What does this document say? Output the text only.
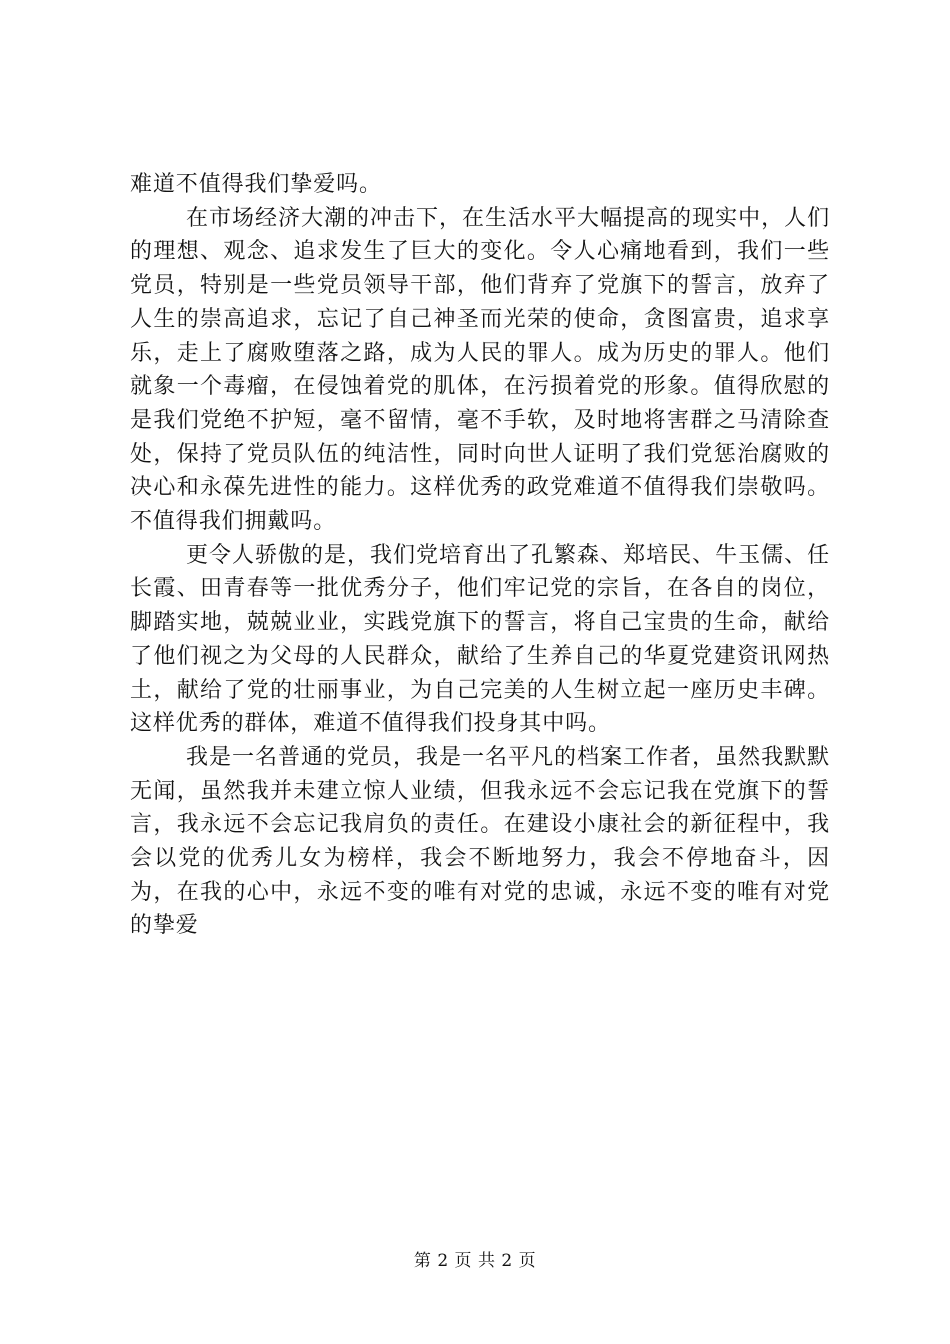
难道不值得我们挚爱吗。

在市场经济大潮的冲击下，在生活水平大幅提高的现实中，人们的理想、观念、追求发生了巨大的变化。令人心痛地看到，我们一些党员，特别是一些党员领导干部，他们背弃了党旗下的誓言，放弃了人生的崇高追求，忘记了自己神圣而光荣的使命，贪图富贵，追求享乐，走上了腐败堕落之路，成为人民的罪人。成为历史的罪人。他们就象一个毒瘤，在侵蚀着党的肌体，在污损着党的形象。值得欣慰的是我们党绝不护短，毫不留情，毫不手软，及时地将害群之马清除查处，保持了党员队伍的纯洁性，同时向世人证明了我们党惩治腐败的决心和永葆先进性的能力。这样优秀的政党难道不值得我们崇敬吗。不值得我们拥戴吗。

更令人骄傲的是，我们党培育出了孔繁森、郑培民、牛玉儒、任长霞、田青春等一批优秀分子，他们牢记党的宗旨，在各自的岗位，脚踏实地，兢兢业业，实践党旗下的誓言，将自己宝贵的生命，献给了他们视之为父母的人民群众，献给了生养自己的华夏党建资讯网热土，献给了党的壮丽事业，为自己完美的人生树立起一座历史丰碑。这样优秀的群体，难道不值得我们投身其中吗。

我是一名普通的党员，我是一名平凡的档案工作者，虽然我默默无闻，虽然我并未建立惊人业绩，但我永远不会忘记我在党旗下的誓言，我永远不会忘记我肩负的责任。在建设小康社会的新征程中，我会以党的优秀儿女为榜样，我会不断地努力，我会不停地奋斗，因为，在我的心中，永远不变的唯有对党的忠诚，永远不变的唯有对党的挚爱

第 2 页 共 2 页
